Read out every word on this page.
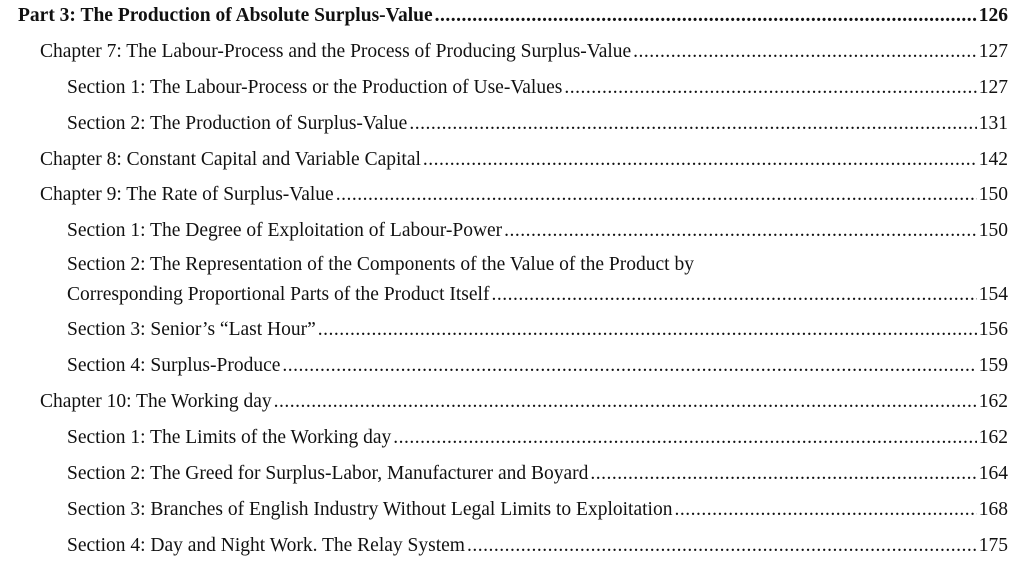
Part 3: The Production of Absolute Surplus-Value .....	126
Chapter 7: The Labour-Process and the Process of Producing Surplus-Value .....	127
Section 1: The Labour-Process or the Production of Use-Values .....	127
Section 2: The Production of Surplus-Value .....	131
Chapter 8: Constant Capital and Variable Capital .....	142
Chapter 9: The Rate of Surplus-Value .....	150
Section 1: The Degree of Exploitation of Labour-Power .....	150
Section 2: The Representation of the Components of the Value of the Product by
Corresponding Proportional Parts of the Product Itself .....	154
Section 3: Senior’s “Last Hour” .....	156
Section 4: Surplus-Produce .....	159
Chapter 10: The Working day .....	162
Section 1: The Limits of the Working day .....	162
Section 2: The Greed for Surplus-Labor, Manufacturer and Boyard .....	164
Section 3: Branches of English Industry Without Legal Limits to Exploitation .....	168
Section 4: Day and Night Work. The Relay System .....	175
